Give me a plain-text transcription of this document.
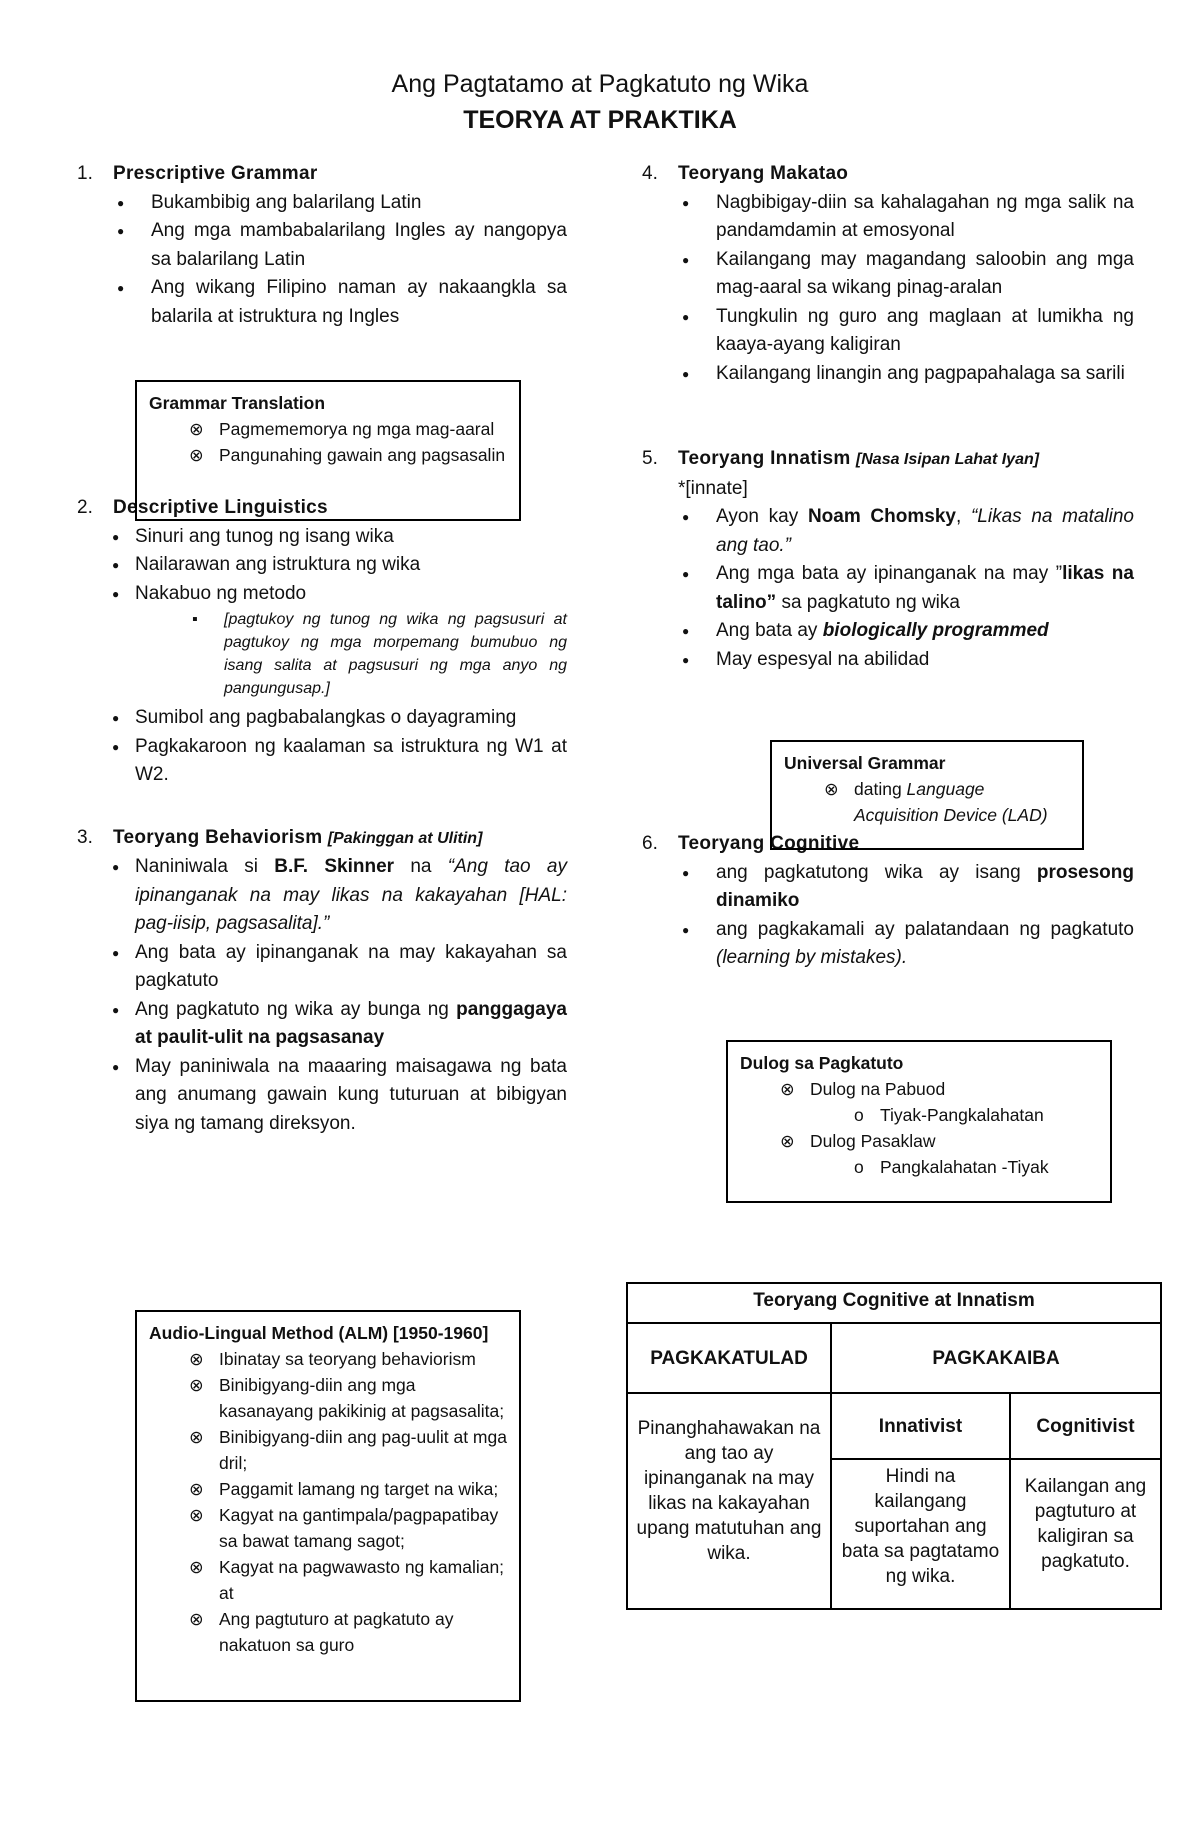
Ang Pagtatamo at Pagkatuto ng Wika
TEORYA AT PRAKTIKA
1.	Prescriptive Grammar
● Bukambibig ang balarilang Latin
● Ang mga mambabalarilang Ingles ay nangopya sa balarilang Latin
● Ang wikang Filipino naman ay nakaangkla sa balarila at istruktura ng Ingles
2.	Descriptive Linguistics
● Sinuri ang tunog ng isang wika
● Nailarawan ang istruktura ng wika
● Nakabuo ng metodo
▪ [pagtukoy ng tunog ng wika ng pagsusuri at pagtukoy ng mga morpemang bumubuo ng isang salita at pagsusuri ng mga anyo ng pangungusap.]
● Sumibol ang pagbabalangkas o dayagraming
● Pagkakaroon ng kaalaman sa istruktura ng W1 at W2.
3.	Teoryang Behaviorism [Pakinggan at Ulitin]
● Naniniwala si B.F. Skinner na “Ang tao ay ipinanganak na may likas na kakayahan [HAL: pag-iisip, pagsasalita].”
● Ang bata ay ipinanganak na may kakayahan sa pagkatuto
● Ang pagkatuto ng wika ay bunga ng panggagaya at paulit-ulit na pagsasanay
● May paniniwala na maaaring maisagawa ng bata ang anumang gawain kung tuturuan at bibigyan siya ng tamang direksyon.
Grammar Translation
⊗ Pagmememorya ng mga mag-aaral
⊗ Pangunahing gawain ang pagsasalin
Audio-Lingual Method (ALM) [1950-1960]
⊗ Ibinatay sa teoryang behaviorism
⊗ Binibigyang-diin ang mga kasanayang pakikinig at pagsasalita;
⊗ Binibigyang-diin ang pag-uulit at mga dril;
⊗ Paggamit lamang ng target na wika;
⊗ Kagyat na gantimpala/pagpapatibay sa bawat tamang sagot;
⊗ Kagyat na pagwawasto ng kamalian; at
⊗ Ang pagtuturo at pagkatuto ay nakatuon sa guro
4.	Teoryang Makatao
● Nagbibigay-diin sa kahalagahan ng mga salik na pandamdamin at emosyonal
● Kailangang may magandang saloobin ang mga mag-aaral sa wikang pinag-aralan
● Tungkulin ng guro ang maglaan at lumikha ng kaaya-ayang kaligiran
● Kailangang linangin ang pagpapahalaga sa sarili
5.	Teoryang Innatism [Nasa Isipan Lahat Iyan]
*[innate]
● Ayon kay Noam Chomsky, “Likas na matalino ang tao.”
● Ang mga bata ay ipinanganak na may ”likas na talino” sa pagkatuto ng wika
● Ang bata ay biologically programmed
● May espesyal na abilidad
6.	Teoryang Cognitive
● ang pagkatutong wika ay isang prosesong dinamiko
● ang pagkakamali ay palatandaan ng pagkatuto (learning by mistakes).
Universal Grammar
⊗ dating Language Acquisition Device (LAD)
Dulog sa Pagkatuto
⊗ Dulog na Pabuod
o Tiyak-Pangkalahatan
⊗ Dulog Pasaklaw
o Pangkalahatan -Tiyak
Teoryang Cognitive at Innatism		
PAGKAKATULAD	PAGKAKAIBA	
Pinanghahawakan na ang tao ay ipinanganak na may likas na kakayahan upang matutuhan ang wika.	Innativist	Cognitivist
	Hindi na kailangang suportahan ang bata sa pagtatamo ng wika.	Kailangan ang pagtuturo at kaligiran sa pagkatuto.
